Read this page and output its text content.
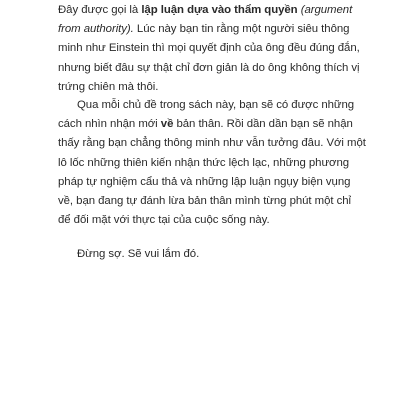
Đây được gọi là lập luận dựa vào thẩm quyền (argument
from authority). Lúc này bạn tin rằng một người siêu thông
minh như Einstein thì mọi quyết định của ông đều đúng đắn,
nhưng biết đâu sự thật chỉ đơn giản là do ông không thích vị
trứng chiên mà thôi.

Qua mỗi chủ đề trong sách này, bạn sẽ có được những
cách nhìn nhận mới về bản thân. Rồi dần dần bạn sẽ nhận
thấy rằng bạn chẳng thông minh như vẫn tưởng đâu. Với một
lô lốc những thiên kiến nhận thức lệch lạc, những phương
pháp tự nghiệm cẩu thả và những lập luận ngụy biện vụng
về, bạn đang tự đánh lừa bản thân mình từng phút một chỉ
để đối mặt với thực tại của cuộc sống này.

Đừng sợ. Sẽ vui lắm đó.
